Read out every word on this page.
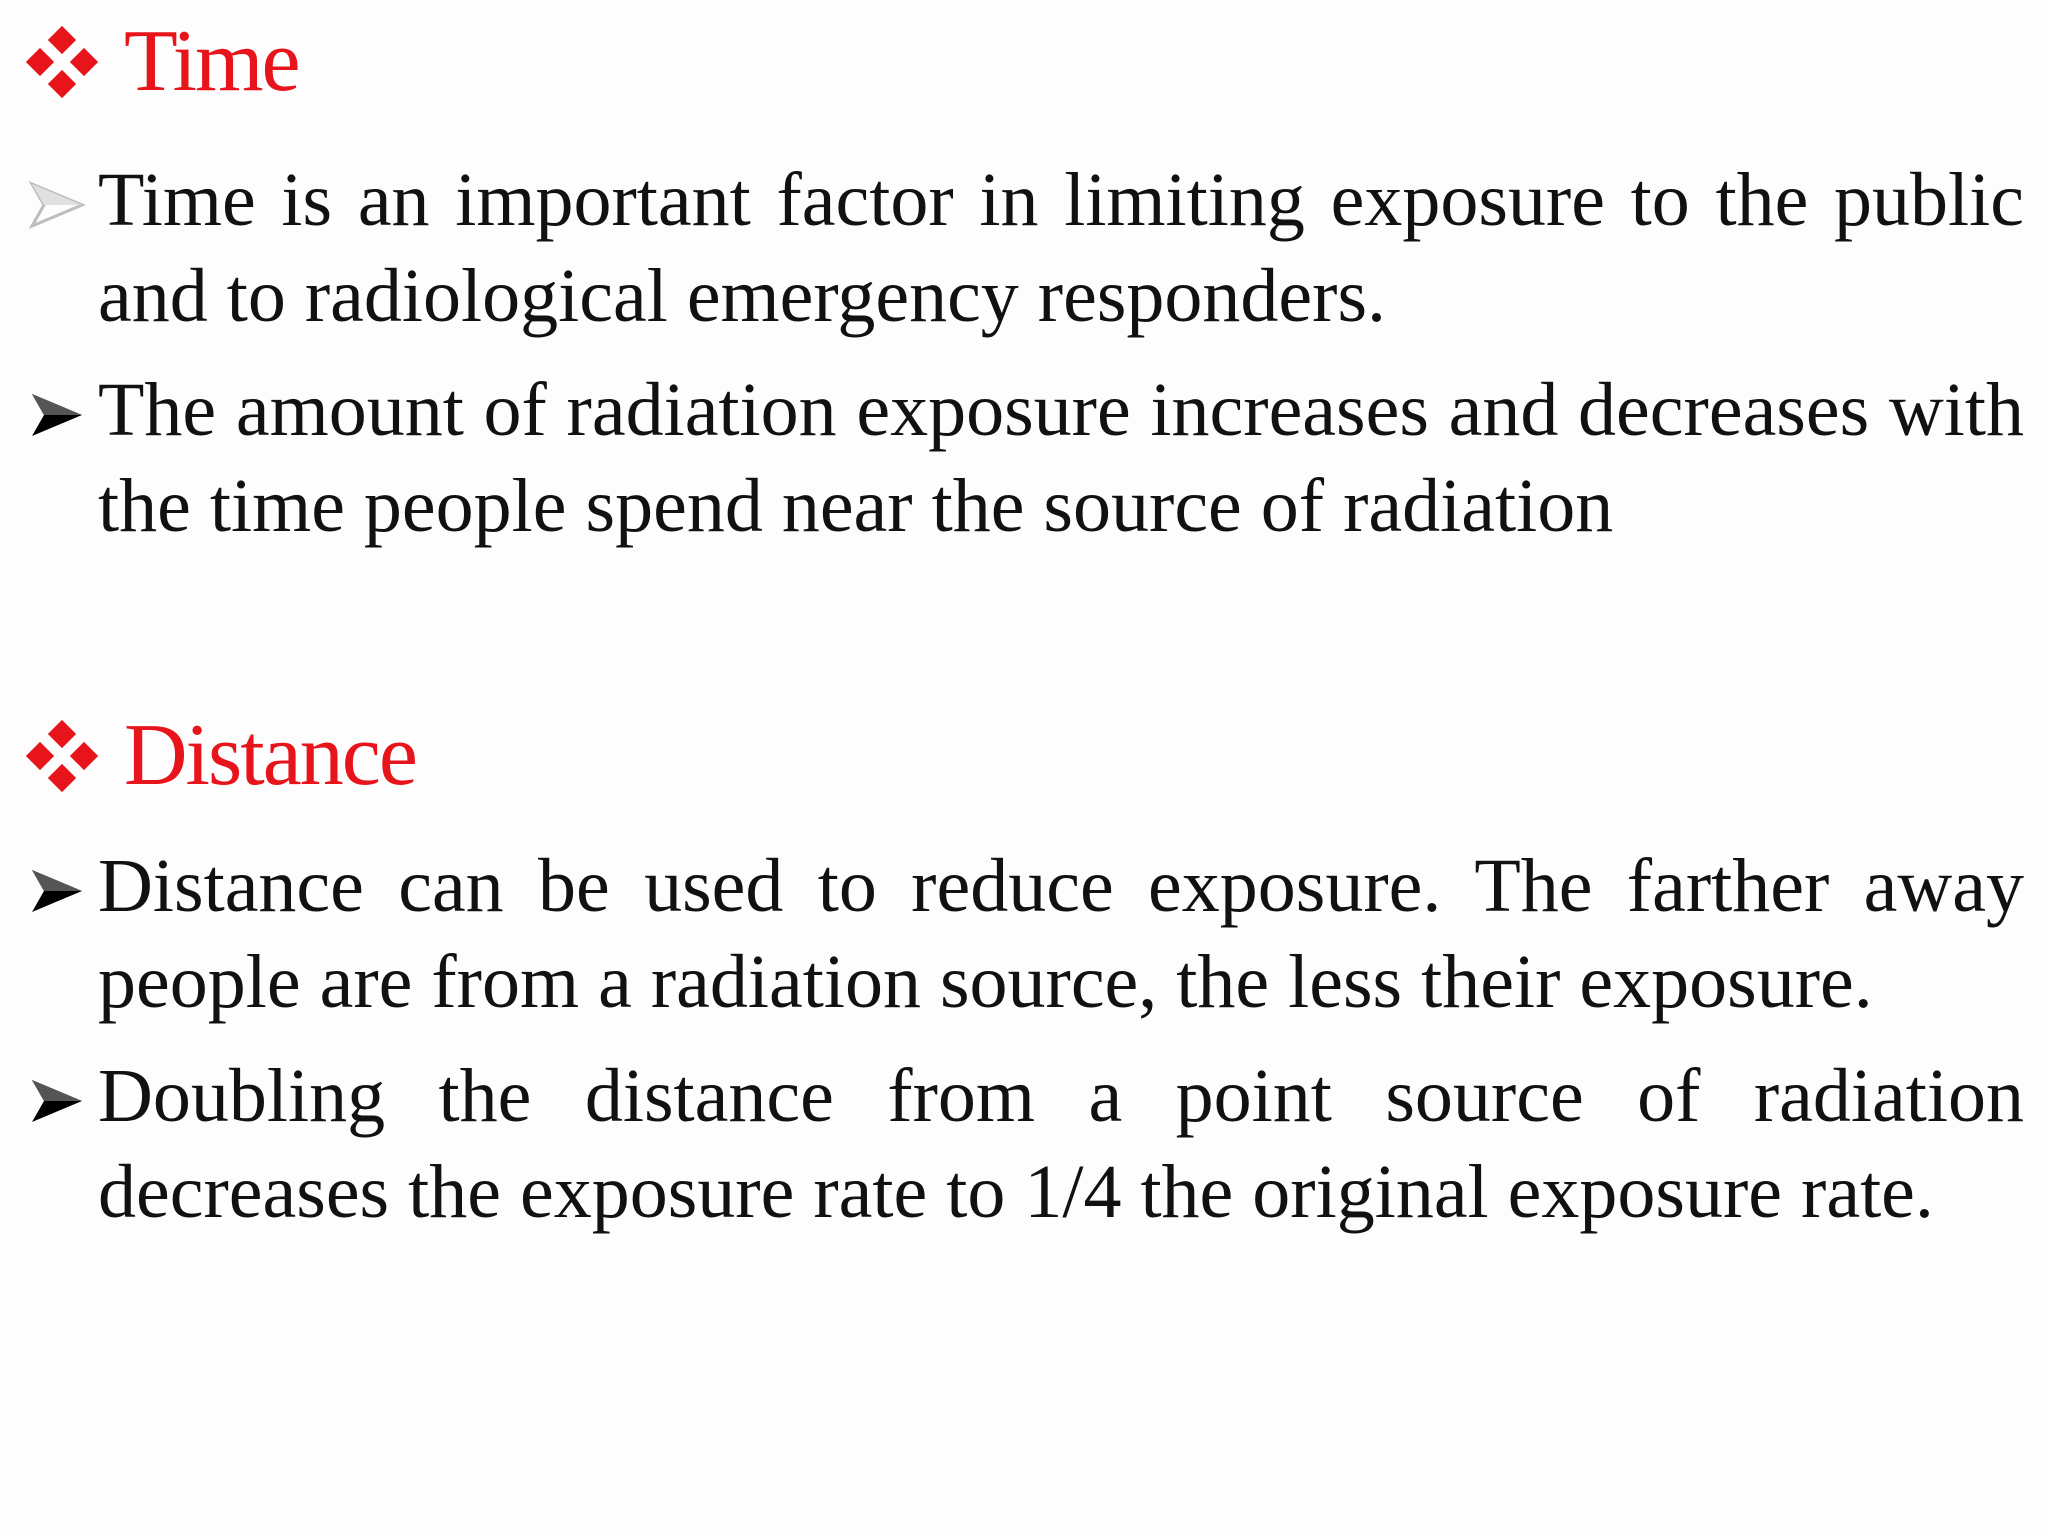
Time

Time is an important factor in limiting exposure to the public and to radiological emergency responders.

The amount of radiation exposure increases and decreases with the time people spend near the source of radiation

Distance

Distance can be used to reduce exposure. The farther away people are from a radiation source, the less their exposure.

Doubling the distance from a point source of radiation decreases the exposure rate to 1/4 the original exposure rate.
